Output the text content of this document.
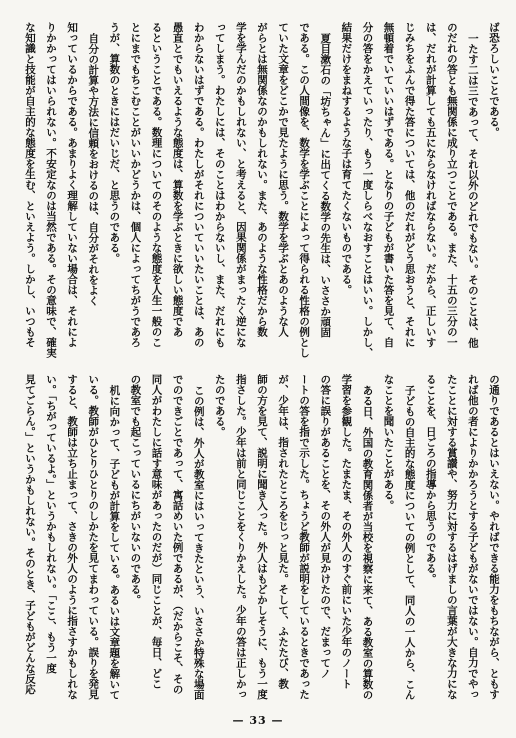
ば恐ろしいことである。
一たす二は三であって、それ以外のどれでもない。そのことは、他
のだれの答とも無関係に成り立つことである。また、十五の三分の一
は、だれが計算しても五にならなければならない。だから、正しいす
じみちをふんで得た答については、他のだれがどう思おうと、それに
無頓着でいていいはずである。となりの子どもが書いた答を見て、自
分の答をかえていったり、もう一度しらべなおすことはいい。しかし、
結果だけをまねするような子は育てたくないものである。
夏目漱石の「坊ちゃん」に出てくる数学の先生は、いささか頑固
である。この人間像を、数学を学ぶことによって得られる性格の例とし
ていた文章をどこかで見たように思う。数学を学ぶとあのような人
がらとは無関係なのかもしれない。また、あのような性格だから数
学を学んだのかもしれない、と考えると、因果関係がまったく逆にな
ってしまう。わたしには、そのことはわからないし、また、だれにも
わからないはずである。わたしがそれについていいたいことは、あの
愚直とでもいえるような態度は、算数を学ぶときに欲しい態度であ
るということである。数理についてのそのような態度を人生一般のこ
とにまでもちこむことがいいかどうかは、個人によってちがうであろ
うが、算数のときにはだいじだ、と思うのである。
自分の計算や方法に信頼をおけるのは、自分がそれをよく
知っているからである。あまりよく理解していない場合は、それによ
りかかってはいられない。不安定なのは当然である。その意味で、確実
な知識と技能が自主的な態度を生む、といえよう。しかし、いつもそ
の通りであるとはいえない。やればできる能力をもちながら、ともす
れば他の者によりかかろうとする子どもがないではない。自力でやっ
たことに対する賞讃や、努力に対するはげましの言葉が大きな力にな
ることを、日ごろの指導から思うのである。
子どもの自主的な態度についての例として、同人の一人から、こん
なことを聞いたことがある。
ある日、外国の教育関係者が当校を視察に来て、ある教室の算数の
学習を参観した。たまたま、その外人のすぐ前にいた少年のノート
の答に誤りがあることを、その外人が見かけたので、だまってノ
ートの答を指で示した。ちょうど教師が説明をしているときであった
が、少年は、指されたところをじっと見た。そして、ふたたび、教
師の方を見て、説明に聞き入った。外人はもどかしそうに、もう一度
指さした。少年は前と同じことをくりかえした。少年の答は正しかっ
たのである。
この例は、外人が教室にはいってきたという、いささか特殊な場面
でのできごとであって、寓話めいた例であるが、（だからこそ、その
同人がわたしに話す意味があったのだが）同じことが、毎日、どこ
の教室でも起こっているにちがいないのである。
机に向かって、子どもが計算をしている。あるいは文章題を解いて
いる。教師がひとりひとりのしかたを見てまわっている。誤りを発見
すると、教師は立ち止まって、さきの外人のように指さすかもしれな
い。「ちがっているよ。」というかもしれない。「ここ、もう一度
見てごらん。」というかもしれない。そのとき、子どもがどんな反応
— 33 —
